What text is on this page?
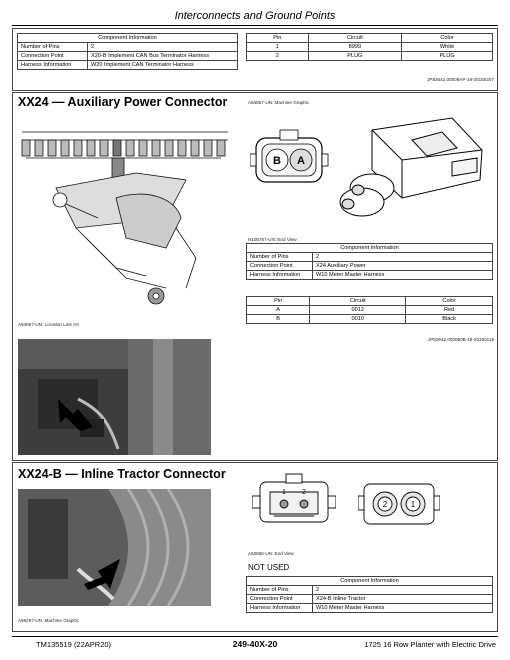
Interconnects and Ground Points
Component Information	
Number of Pins	2
Connection Point	X20-B Implement CAN Bus Terminator Harness
Harness Information	W20 Implement CAN Terminator Harness
Pin	Circuit	Color
1	8999	White
2	PLUG	PLUG
JP82642,00009AP-19-20150207
XX24 — Auxiliary Power Connector	A54857-UN: Machine Graphic
A54967-UN: Location Line Art
B A
H105757-UN: End View
Component Information	
Number of Pins	2
Connection Point	X24 Auxiliary Power
Harness Information	W10 Meter Master Harness
Pin	Circuit	Color
A	0012	Red
B	0010	Black
JP82642,000080B-19-20150119
XX24-B — Inline Tractor Connector
A59297-UN: Machine Graphic
1 2
2	1
A62855-UN: End View
NOT USED
Component Information	
Number of Pins	2
Connection Point	X24-B Inline Tractor
Harness Information	W10 Meter Master Harness
TM135519 (22APR20)	249-40X-20	1725 16 Row Planter with Electric Drive
